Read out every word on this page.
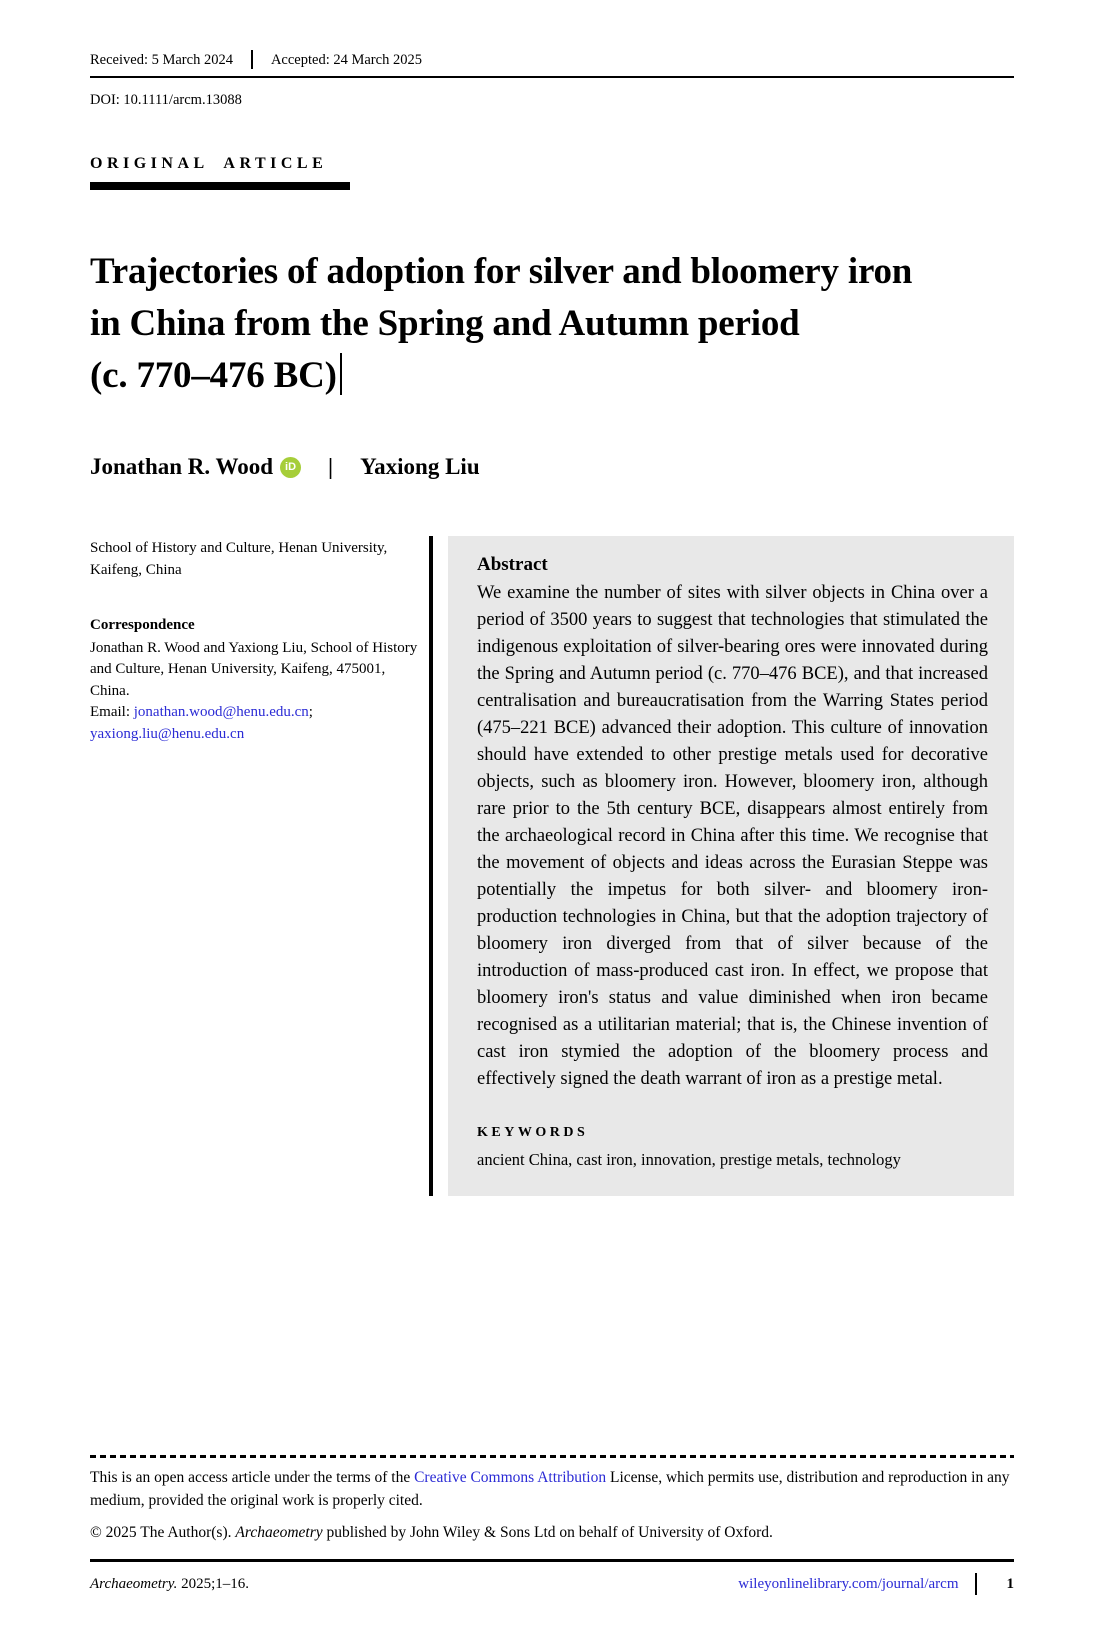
Received: 5 March 2024	Accepted: 24 March 2025
DOI: 10.1111/arcm.13088
ORIGINAL ARTICLE
Trajectories of adoption for silver and bloomery iron
in China from the Spring and Autumn period
(c. 770–476 BC)
Jonathan R. Wood	iD | Yaxiong Liu

School of History and Culture, Henan University, Kaifeng, China

Correspondence

Jonathan R. Wood and Yaxiong Liu, School of History and Culture, Henan University, Kaifeng, 475001, China.

Email: jonathan.wood@henu.edu.cn;
yaxiong.liu@henu.edu.cn

Abstract

We examine the number of sites with silver objects in China over a period of 3500 years to suggest that technologies that stimulated the indigenous exploitation of silver-bearing ores were innovated during the Spring and Autumn period (c. 770–476 BCE), and that increased centralisation and bureaucratisation from the Warring States period (475–221 BCE) advanced their adoption. This culture of innovation should have extended to other prestige metals used for decorative objects, such as bloomery iron. However, bloomery iron, although rare prior to the 5th century BCE, disappears almost entirely from the archaeological record in China after this time. We recognise that the movement of objects and ideas across the Eurasian Steppe was potentially the impetus for both silver- and bloomery iron-production technologies in China, but that the adoption trajectory of bloomery iron diverged from that of silver because of the introduction of mass-produced cast iron. In effect, we propose that bloomery iron's status and value diminished when iron became recognised as a utilitarian material; that is, the Chinese invention of cast iron stymied the adoption of the bloomery process and effectively signed the death warrant of iron as a prestige metal.

KEYWORDS

ancient China, cast iron, innovation, prestige metals, technology

This is an open access article under the terms of the Creative Commons Attribution License, which permits use, distribution and reproduction in any medium, provided the original work is properly cited.

© 2025 The Author(s). Archaeometry published by John Wiley & Sons Ltd on behalf of University of Oxford.

Archaeometry. 2025;1–16.	wileyonlinelibrary.com/journal/arcm	1
